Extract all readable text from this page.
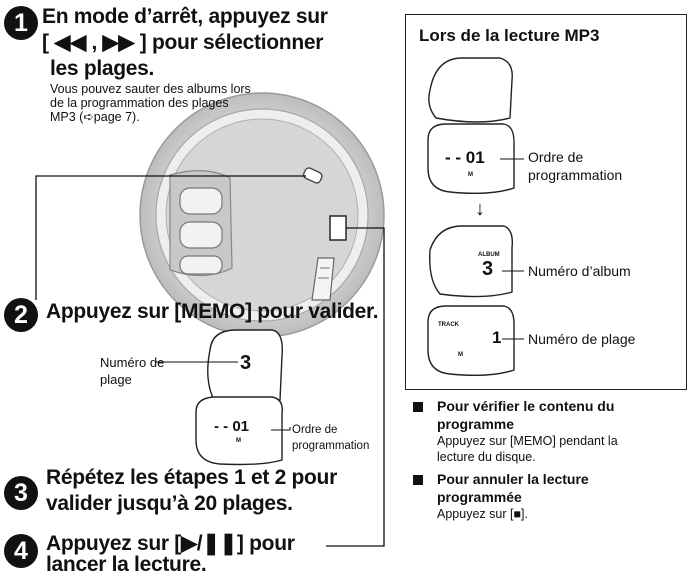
1 En mode d’arrêt, appuyez sur
[ ◀◀ , ▶▶ ] pour sélectionner
les plages.
Vous pouvez sauter des albums lors
de la programmation des plages
MP3 (➪page 7).
2 Appuyez sur [MEMO] pour valider.
Numéro de
plage
3
- - 01
M
Ordre de
programmation
3
Répétez les étapes 1 et 2 pour
valider jusqu’à 20 plages.
4 Appuyez sur [▶/❚❚] pour
lancer la lecture.
Lors de la lecture MP3
- - 01
M
Ordre de
programmation
↓
ALBUM
3 Numéro d’album
TRACK
1
M
Numéro de plage
Pour vérifier le contenu du
programme
Appuyez sur [MEMO] pendant la
lecture du disque.
Pour annuler la lecture
programmée
Appuyez sur [■].
